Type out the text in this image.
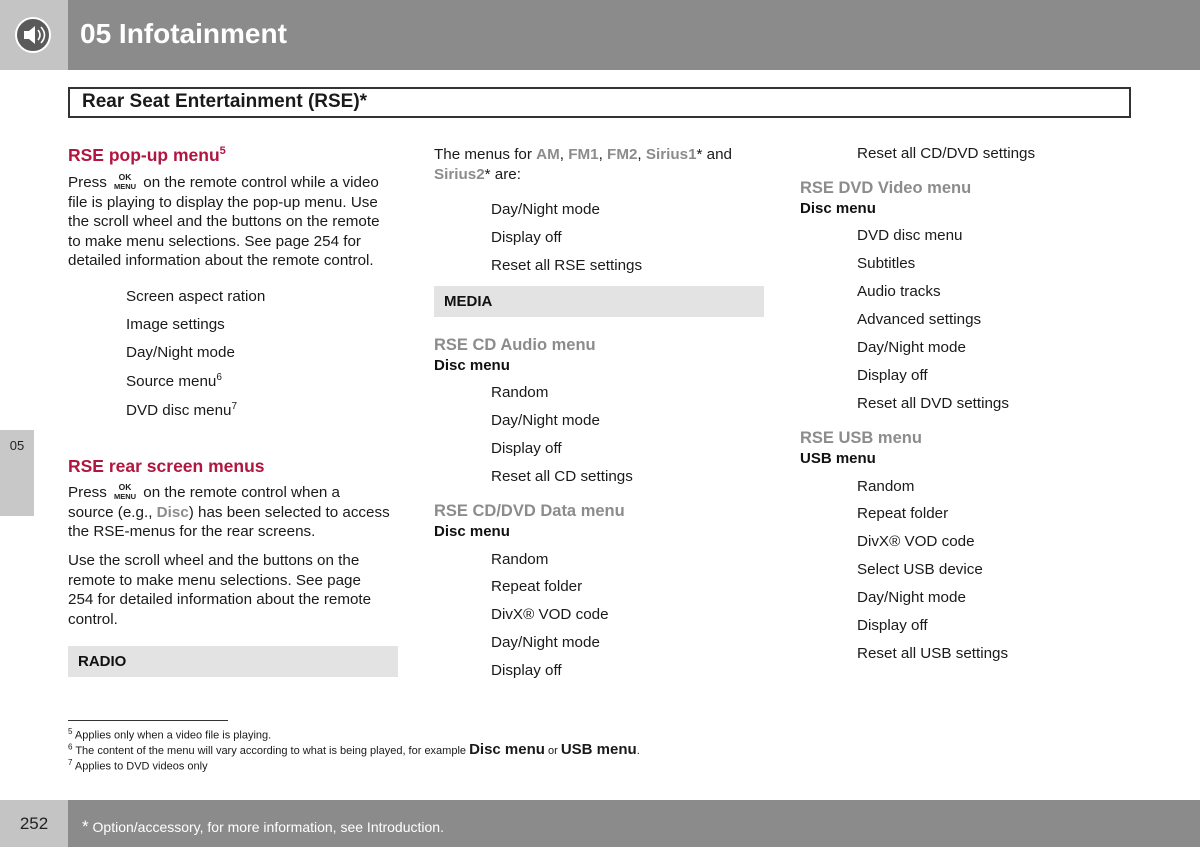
05 Infotainment
Rear Seat Entertainment (RSE)*
05
RSE pop-up menu$^5$
Press OK
MENU on the remote control while a video
file is playing to display the pop-up menu. Use
the scroll wheel and the buttons on the remote
to make menu selections. See page 254 for
detailed information about the remote control.
Screen aspect ration
Image settings
Day/Night mode
Source menu$^6$
DVD disc menu$^7$
RSE rear screen menus
Press OK
MENU on the remote control when a
source (e.g., Disc) has been selected to access
the RSE-menus for the rear screens.
Use the scroll wheel and the buttons on the
remote to make menu selections. See page
254 for detailed information about the remote
control.
RADIO
The menus for AM, FM1, FM2, Sirius1* and
Sirius2* are:
Day/Night mode
Display off
Reset all RSE settings
MEDIA
RSE CD Audio menu
Disc menu
Random
Day/Night mode
Display off
Reset all CD settings
RSE CD/DVD Data menu
Disc menu
Random
Repeat folder
DivX® VOD code
Day/Night mode
Display off
Reset all CD/DVD settings
RSE DVD Video menu
Disc menu
DVD disc menu
Subtitles
Audio tracks
Advanced settings
Day/Night mode
Display off
Reset all DVD settings
RSE USB menu
USB menu
Random
Repeat folder
DivX® VOD code
Select USB device
Day/Night mode
Display off
Reset all USB settings
$^5$ Applies only when a video file is playing.
$^6$ The content of the menu will vary according to what is being played, for example Disc menu or USB menu.
$^7$ Applies to DVD videos only
252	* Option/accessory, for more information, see Introduction.
